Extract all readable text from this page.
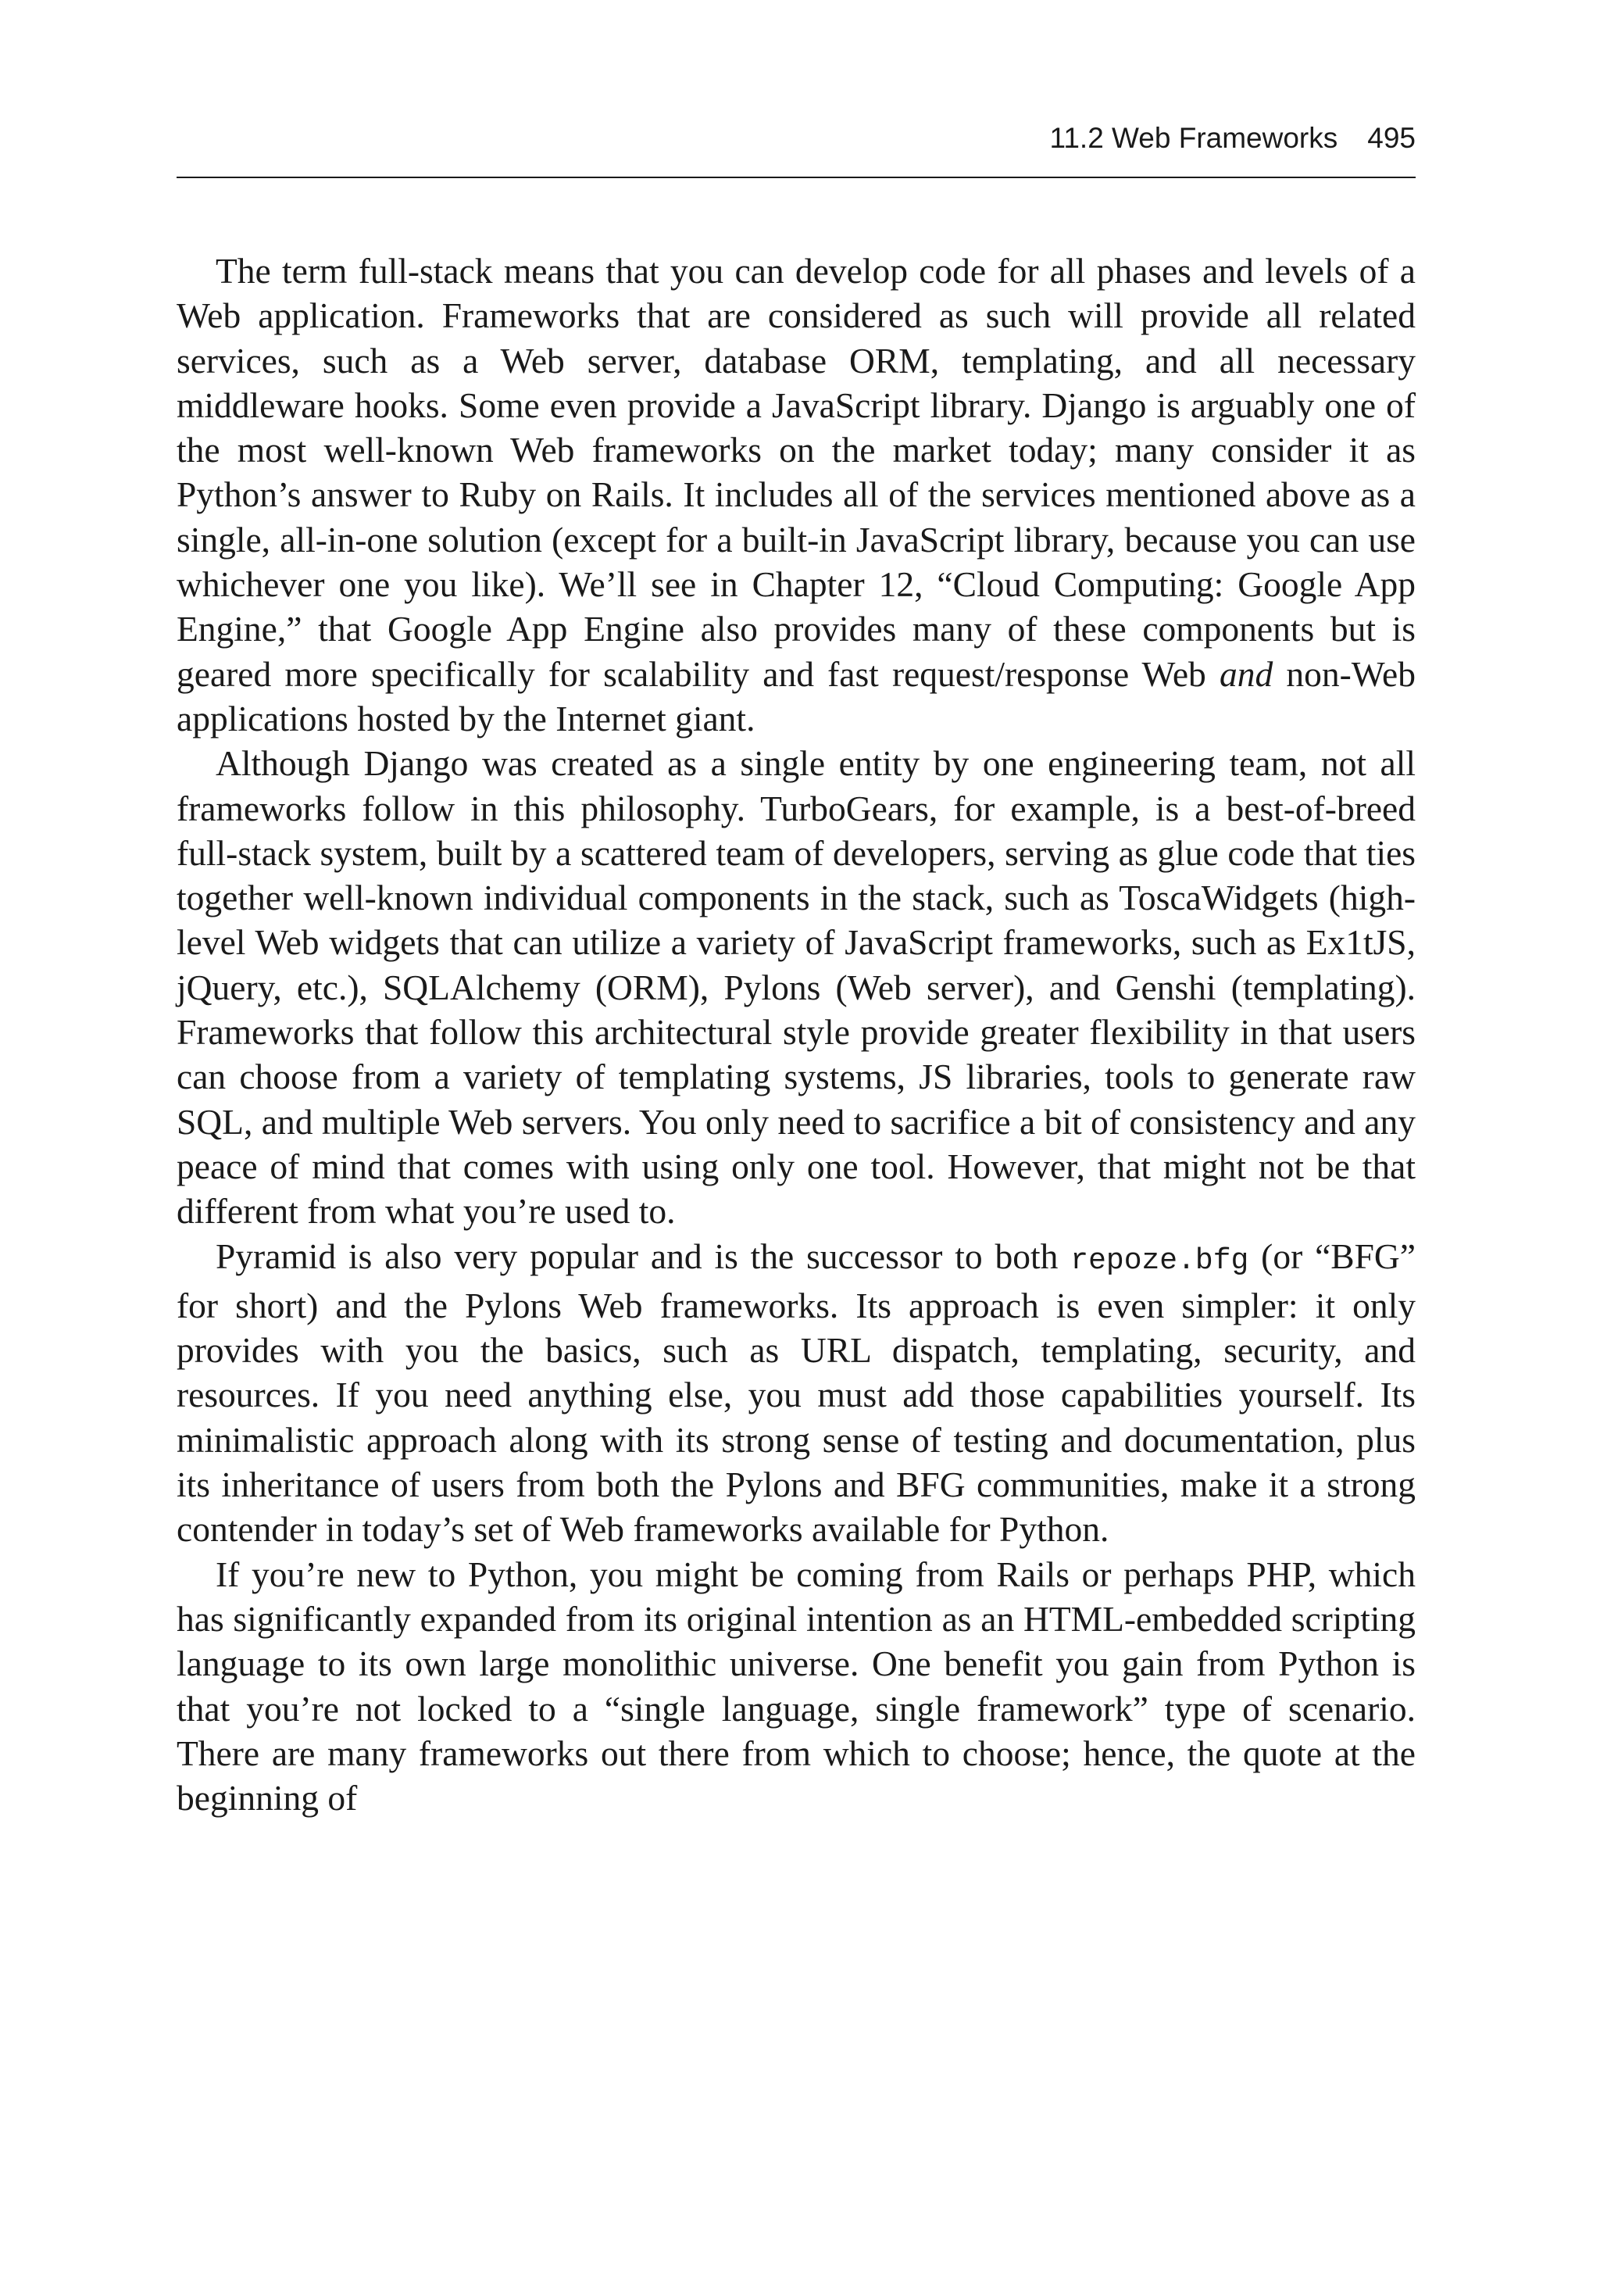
11.2 Web Frameworks 495

The term full-stack means that you can develop code for all phases and levels of a Web application. Frameworks that are considered as such will provide all related services, such as a Web server, database ORM, templating, and all necessary middleware hooks. Some even provide a JavaScript library. Django is arguably one of the most well-known Web frameworks on the market today; many consider it as Python’s answer to Ruby on Rails. It includes all of the services mentioned above as a single, all-in-one solution (except for a built-in JavaScript library, because you can use whichever one you like). We’ll see in Chapter 12, “Cloud Computing: Google App Engine,” that Google App Engine also provides many of these components but is geared more specifically for scalability and fast request/response Web and non-Web applications hosted by the Internet giant.

Although Django was created as a single entity by one engineering team, not all frameworks follow in this philosophy. TurboGears, for example, is a best-of-breed full-stack system, built by a scattered team of developers, serving as glue code that ties together well-known individual components in the stack, such as ToscaWidgets (high-level Web widgets that can utilize a variety of JavaScript frameworks, such as Ex1tJS, jQuery, etc.), SQLAlchemy (ORM), Pylons (Web server), and Genshi (templating). Frameworks that follow this architectural style provide greater flexibility in that users can choose from a variety of templating systems, JS libraries, tools to generate raw SQL, and multiple Web servers. You only need to sacrifice a bit of consistency and any peace of mind that comes with using only one tool. However, that might not be that different from what you’re used to.

Pyramid is also very popular and is the successor to both repoze.bfg (or “BFG” for short) and the Pylons Web frameworks. Its approach is even simpler: it only provides with you the basics, such as URL dispatch, templating, security, and resources. If you need anything else, you must add those capabilities yourself. Its minimalistic approach along with its strong sense of testing and documentation, plus its inheritance of users from both the Pylons and BFG communities, make it a strong contender in today’s set of Web frameworks available for Python.

If you’re new to Python, you might be coming from Rails or perhaps PHP, which has significantly expanded from its original intention as an HTML-embedded scripting language to its own large monolithic universe. One benefit you gain from Python is that you’re not locked to a “single language, single framework” type of scenario. There are many frameworks out there from which to choose; hence, the quote at the beginning of
